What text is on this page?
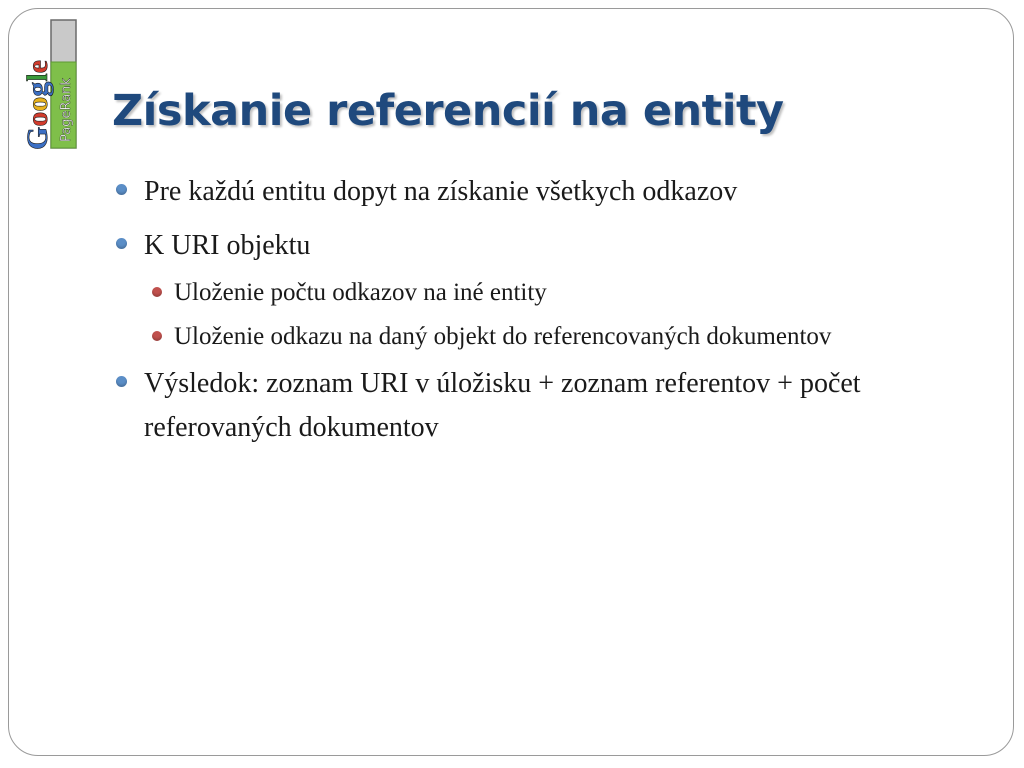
PageRank
Google
Získanie referencií na entity
Pre každú entitu dopyt na získanie všetkych odkazov
K URI objektu
Uloženie počtu odkazov na iné entity
Uloženie odkazu na daný objekt do referencovaných dokumentov
Výsledok: zoznam URI v úložisku + zoznam referentov + počet referovaných dokumentov
